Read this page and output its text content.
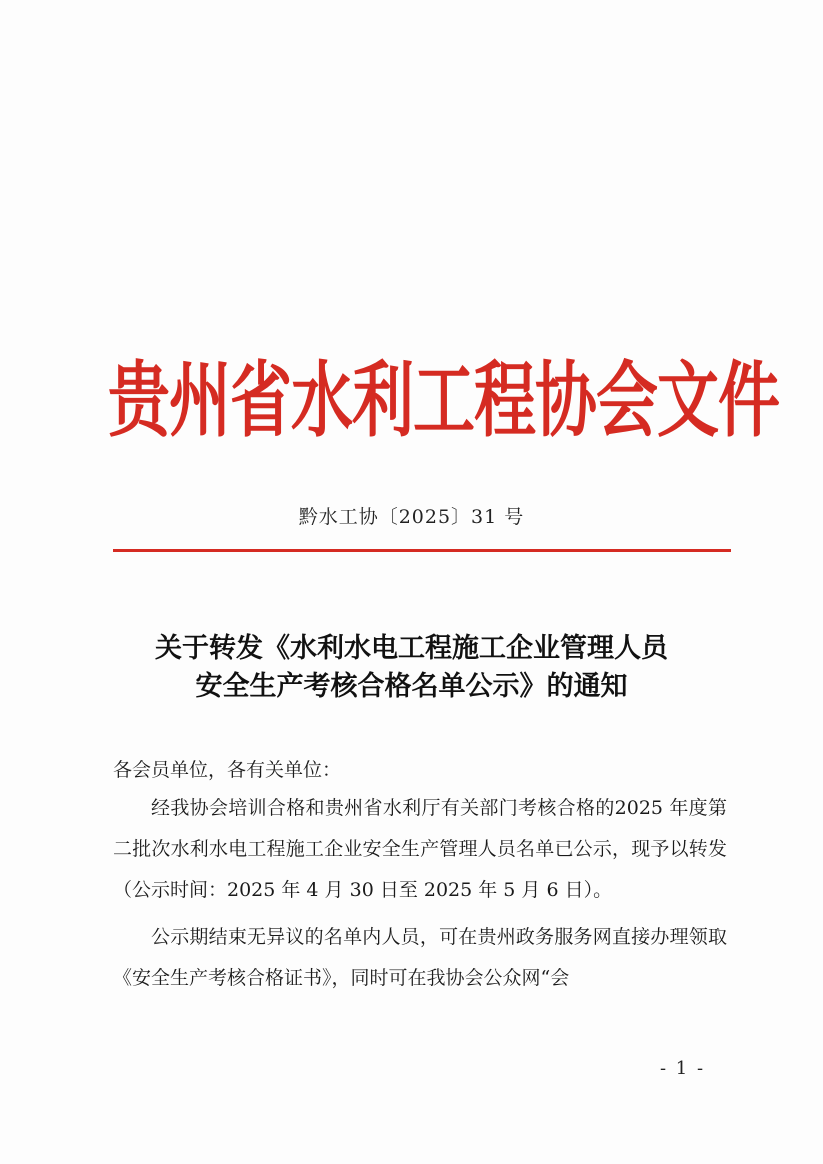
贵州省水利工程协会文件
黔水工协〔2025〕31 号
关于转发《水利水电工程施工企业管理人员
安全生产考核合格名单公示》的通知
各会员单位，各有关单位：

经我协会培训合格和贵州省水利厅有关部门考核合格的2025 年度第二批次水利水电工程施工企业安全生产管理人员名单已公示，现予以转发（公示时间：2025 年 4 月 30 日至 2025 年 5 月 6 日）。

公示期结束无异议的名单内人员，可在贵州政务服务网直接办理领取《安全生产考核合格证书》，同时可在我协会公众网“会

- 1 -
